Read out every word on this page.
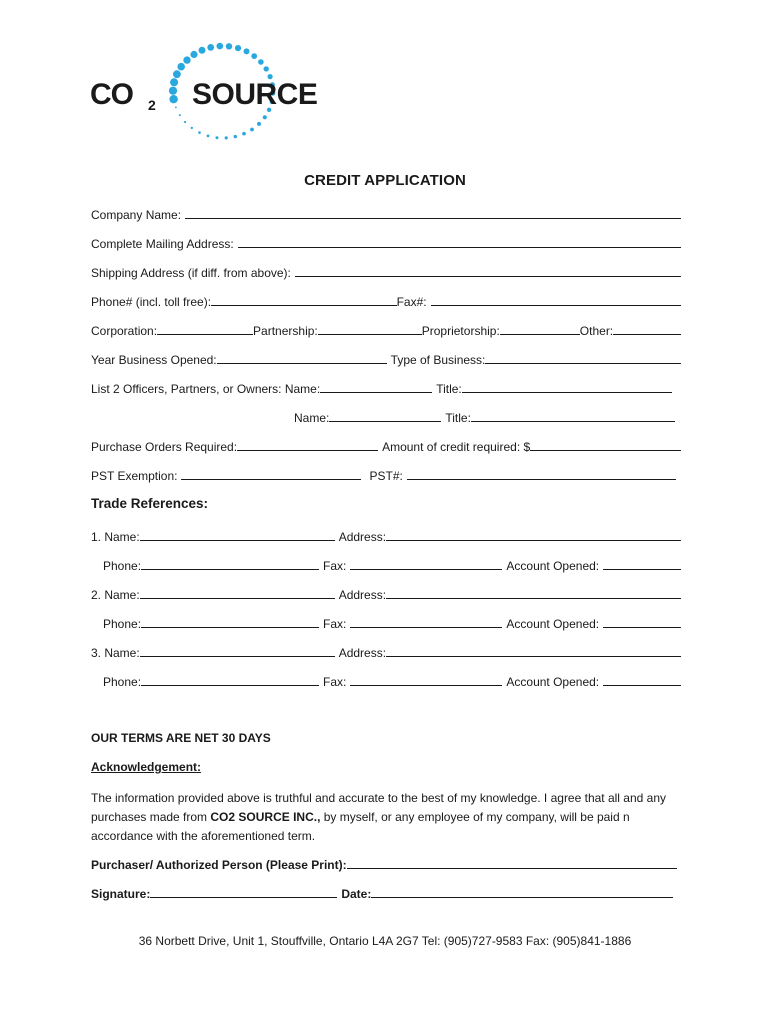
CO 2 SOURCE
CREDIT APPLICATION
Company Name:
Complete Mailing Address:
Shipping Address (if diff. from above):
Phone# (incl. toll free):	Fax#:
Corporation:	Partnership:	Proprietorship:	Other:
Year Business Opened:	Type of Business:
List 2 Officers, Partners, or Owners: Name:	Title:
Name:	Title:
Purchase Orders Required:	Amount of credit required: $
PST Exemption:	PST#:
Trade References:
1. Name:	Address:
Phone:	Fax:	Account Opened:
2. Name:	Address:
Phone:	Fax:	Account Opened:
3. Name:	Address:
Phone:	Fax:	Account Opened:
OUR TERMS ARE NET 30 DAYS
Acknowledgement:
The information provided above is truthful and accurate to the best of my knowledge. I agree that all and any purchases made from CO2 SOURCE INC., by myself, or any employee of my company, will be paid n accordance with the aforementioned term.
Purchaser/ Authorized Person (Please Print):
Signature:	Date:
36 Norbett Drive, Unit 1, Stouffville, Ontario L4A 2G7 Tel: (905)727-9583 Fax: (905)841-1886
